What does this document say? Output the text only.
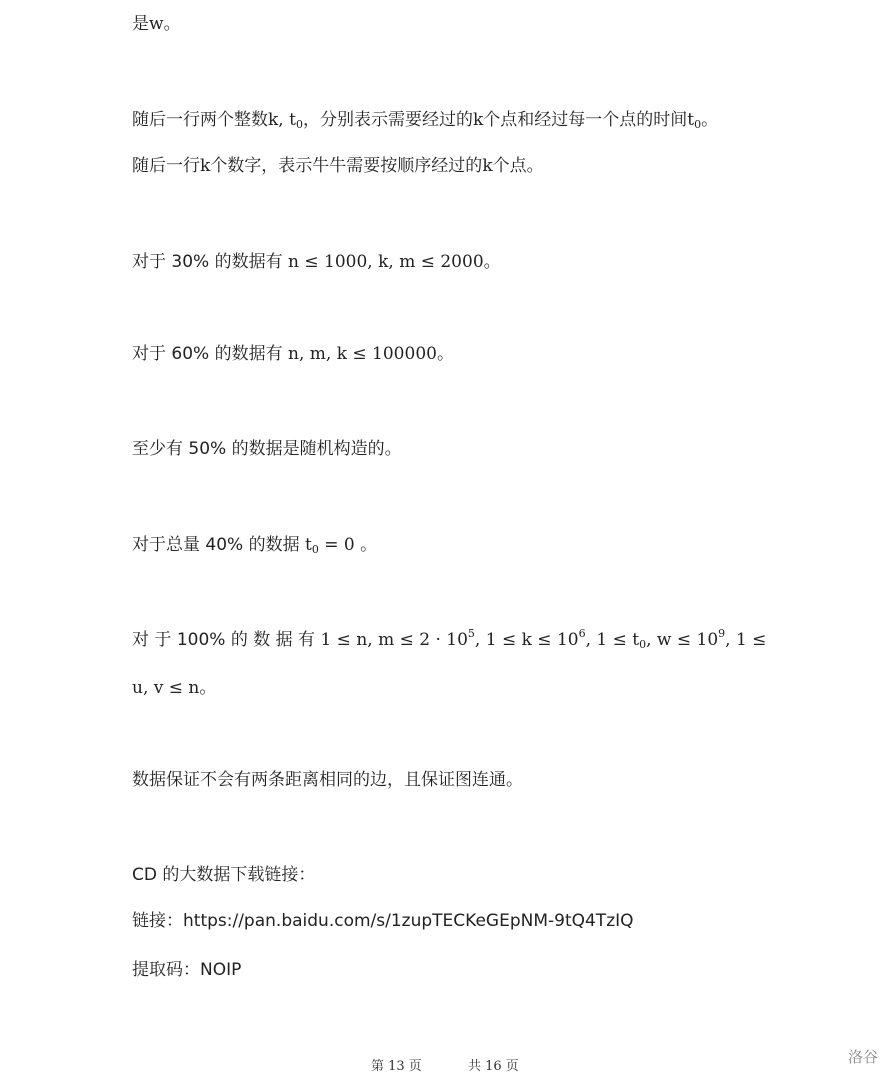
是w。
随后一行两个整数k, $t_0$，分别表示需要经过的k个点和经过每一个点的时间$t_0$。
随后一行k个数字，表示牛牛需要按顺序经过的k个点。
对于 30% 的数据有 n ≤ 1000, k, m ≤ 2000。
对于 60% 的数据有 n, m, k ≤ 100000。
至少有 50% 的数据是随机构造的。
对于总量 40% 的数据 $t_0 = 0$ 。
对 于 100% 的 数 据 有 1 ≤ n, $m \le 2 \cdot 10^5$, $1 \le k \le 10^6$, $1 \le t_0$, $w \le 10^9$, 1 ≤
u, v ≤ n。
数据保证不会有两条距离相同的边，且保证图连通。
CD 的大数据下载链接：
链接：https://pan.baidu.com/s/1zupTECKeGEpNM-9tQ4TzIQ
提取码：NOIP
第 13 页	共 16 页
洛谷
